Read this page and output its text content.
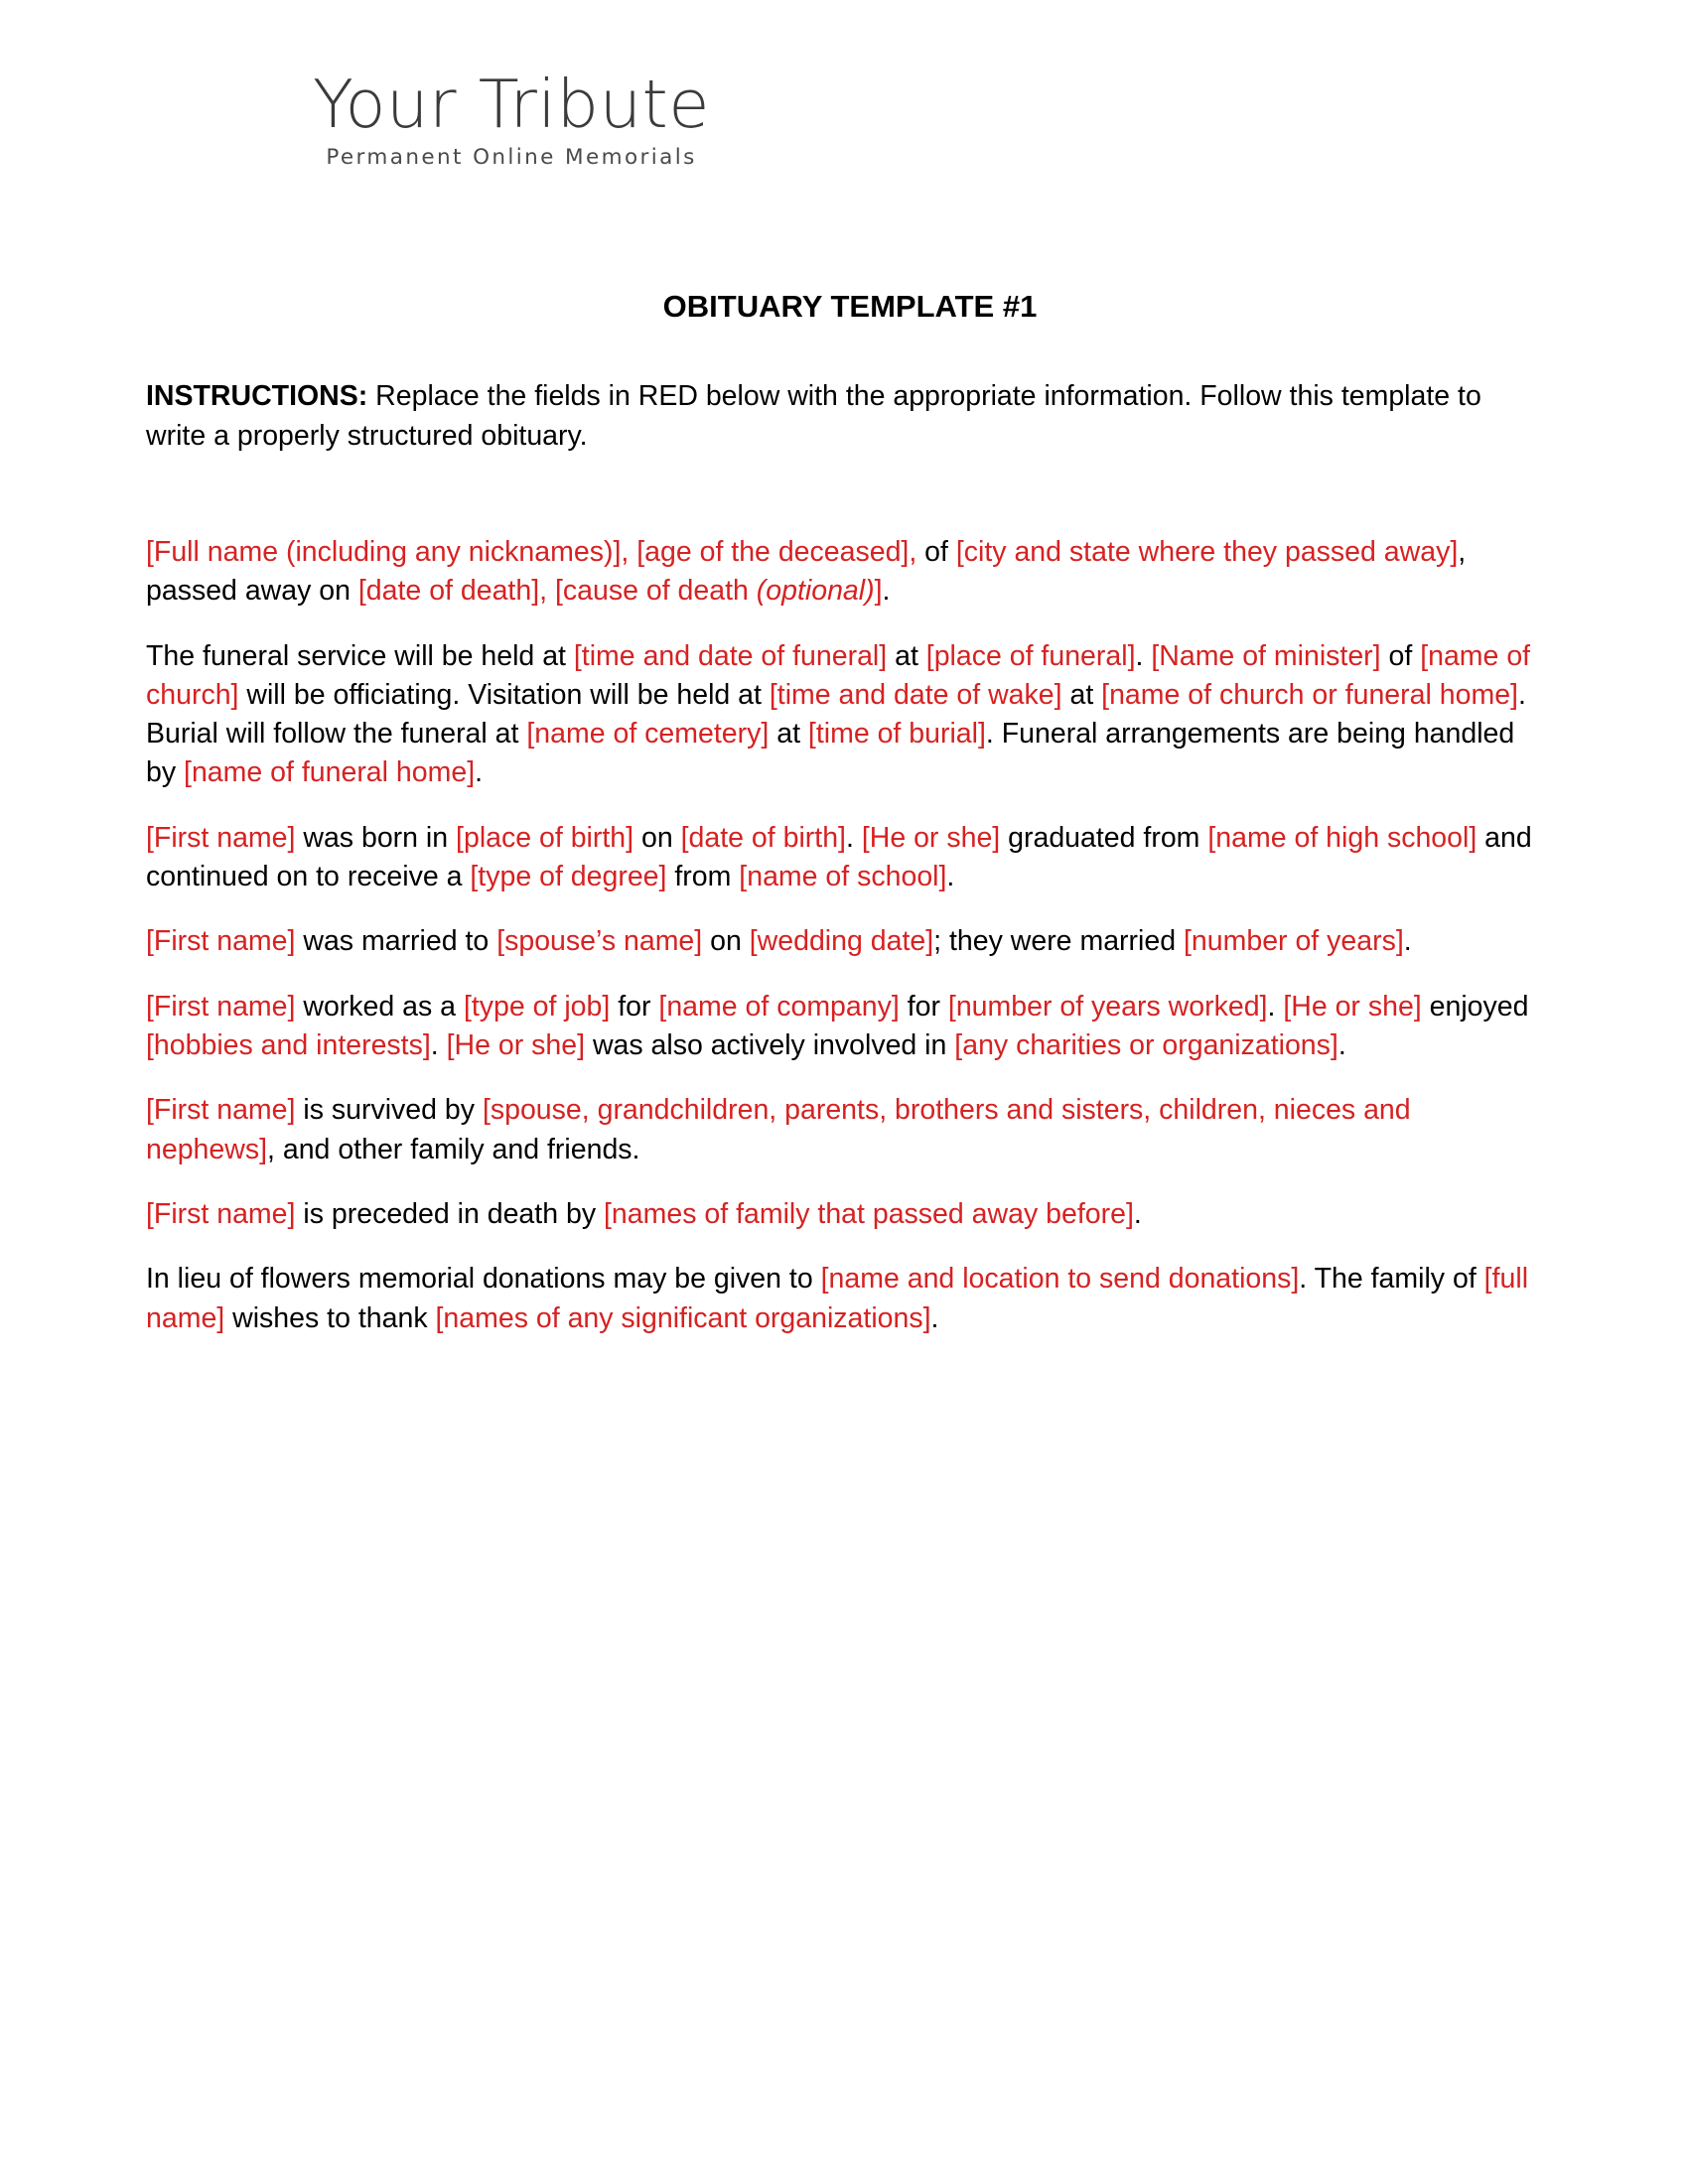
Your Tribute
Permanent Online Memorials
OBITUARY TEMPLATE #1

INSTRUCTIONS: Replace the fields in RED below with the appropriate information. Follow this template to write a properly structured obituary.

[Full name (including any nicknames)], [age of the deceased], of [city and state where they passed away], passed away on [date of death], [cause of death (optional)].

The funeral service will be held at [time and date of funeral] at [place of funeral]. [Name of minister] of [name of church] will be officiating. Visitation will be held at [time and date of wake] at [name of church or funeral home]. Burial will follow the funeral at [name of cemetery] at [time of burial]. Funeral arrangements are being handled by [name of funeral home].

[First name] was born in [place of birth] on [date of birth]. [He or she] graduated from [name of high school] and continued on to receive a [type of degree] from [name of school].

[First name] was married to [spouse’s name] on [wedding date]; they were married [number of years].

[First name] worked as a [type of job] for [name of company] for [number of years worked]. [He or she] enjoyed [hobbies and interests]. [He or she] was also actively involved in [any charities or organizations].

[First name] is survived by [spouse, grandchildren, parents, brothers and sisters, children, nieces and nephews], and other family and friends.

[First name] is preceded in death by [names of family that passed away before].

In lieu of flowers memorial donations may be given to [name and location to send donations]. The family of [full name] wishes to thank [names of any significant organizations].
